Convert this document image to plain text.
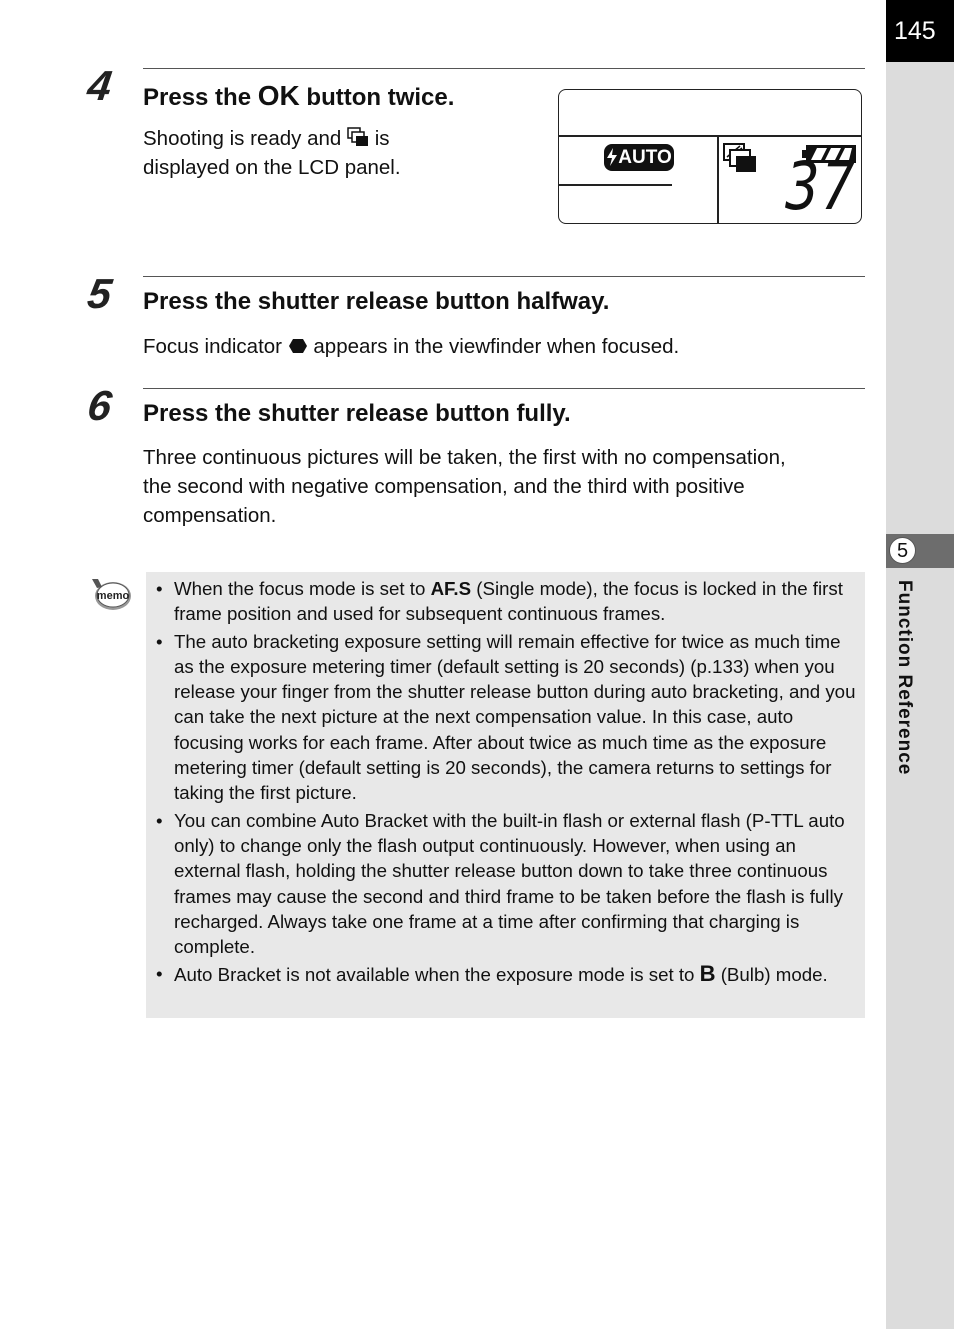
145
5
Function Reference
4 Press the OK button twice.
Shooting is ready and  is
displayed on the LCD panel.	AUTO 37
5 Press the shutter release button halfway.
Focus indicator  appears in the viewfinder when focused.
6 Press the shutter release button fully.
Three continuous pictures will be taken, the first with no compensation,
the second with negative compensation, and the third with positive
compensation.
memo
•	When the focus mode is set to AF.S (Single mode), the focus is locked in the first frame position and used for subsequent continuous frames.
• The auto bracketing exposure setting will remain effective for twice as much time as the exposure metering timer (default setting is 20 seconds) (p.133) when you release your finger from the shutter release button during auto bracketing, and you can take the next picture at the next compensation value. In this case, auto focusing works for each frame. After about twice as much time as the exposure metering timer (default setting is 20 seconds), the camera returns to settings for taking the first picture.
• You can combine Auto Bracket with the built-in flash or external flash (P-TTL auto only) to change only the flash output continuously. However, when using an external flash, holding the shutter release button down to take three continuous frames may cause the second and third frame to be taken before the flash is fully recharged. Always take one frame at a time after confirming that charging is complete.
• Auto Bracket is not available when the exposure mode is set to B (Bulb) mode.
